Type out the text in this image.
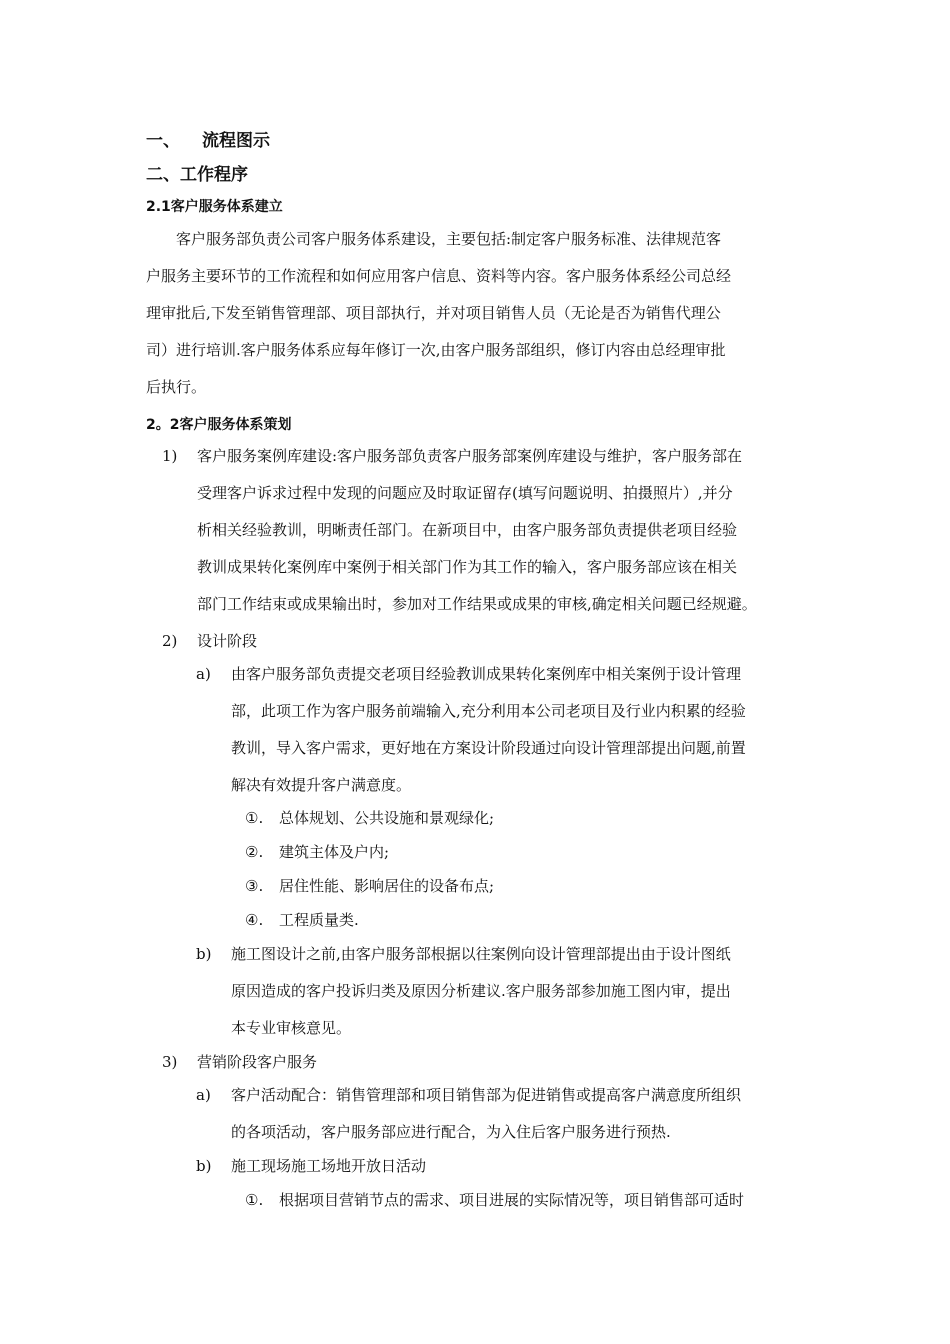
一、 流程图示
二、工作程序
2.1客户服务体系建立
客户服务部负责公司客户服务体系建设，主要包括:制定客户服务标准、法律规范客
户服务主要环节的工作流程和如何应用客户信息、资料等内容。客户服务体系经公司总经
理审批后,下发至销售管理部、项目部执行，并对项目销售人员（无论是否为销售代理公
司）进行培训.客户服务体系应每年修订一次,由客户服务部组织，修订内容由总经理审批
后执行。
2。2客户服务体系策划
1) 客户服务案例库建设:客户服务部负责客户服务部案例库建设与维护，客户服务部在
受理客户诉求过程中发现的问题应及时取证留存(填写问题说明、拍摄照片）,并分
析相关经验教训，明晰责任部门。在新项目中，由客户服务部负责提供老项目经验
教训成果转化案例库中案例于相关部门作为其工作的输入，客户服务部应该在相关
部门工作结束或成果输出时，参加对工作结果或成果的审核,确定相关问题已经规避。
2) 设计阶段
a) 由客户服务部负责提交老项目经验教训成果转化案例库中相关案例于设计管理
部，此项工作为客户服务前端输入,充分利用本公司老项目及行业内积累的经验
教训，导入客户需求，更好地在方案设计阶段通过向设计管理部提出问题,前置
解决有效提升客户满意度。
①. 总体规划、公共设施和景观绿化;
②. 建筑主体及户内;
③. 居住性能、影响居住的设备布点;
④. 工程质量类.
b) 施工图设计之前,由客户服务部根据以往案例向设计管理部提出由于设计图纸
原因造成的客户投诉归类及原因分析建议.客户服务部参加施工图内审，提出
本专业审核意见。
3) 营销阶段客户服务
a) 客户活动配合：销售管理部和项目销售部为促进销售或提高客户满意度所组织
的各项活动，客户服务部应进行配合，为入住后客户服务进行预热.
b) 施工现场施工场地开放日活动
①. 根据项目营销节点的需求、项目进展的实际情况等，项目销售部可适时
